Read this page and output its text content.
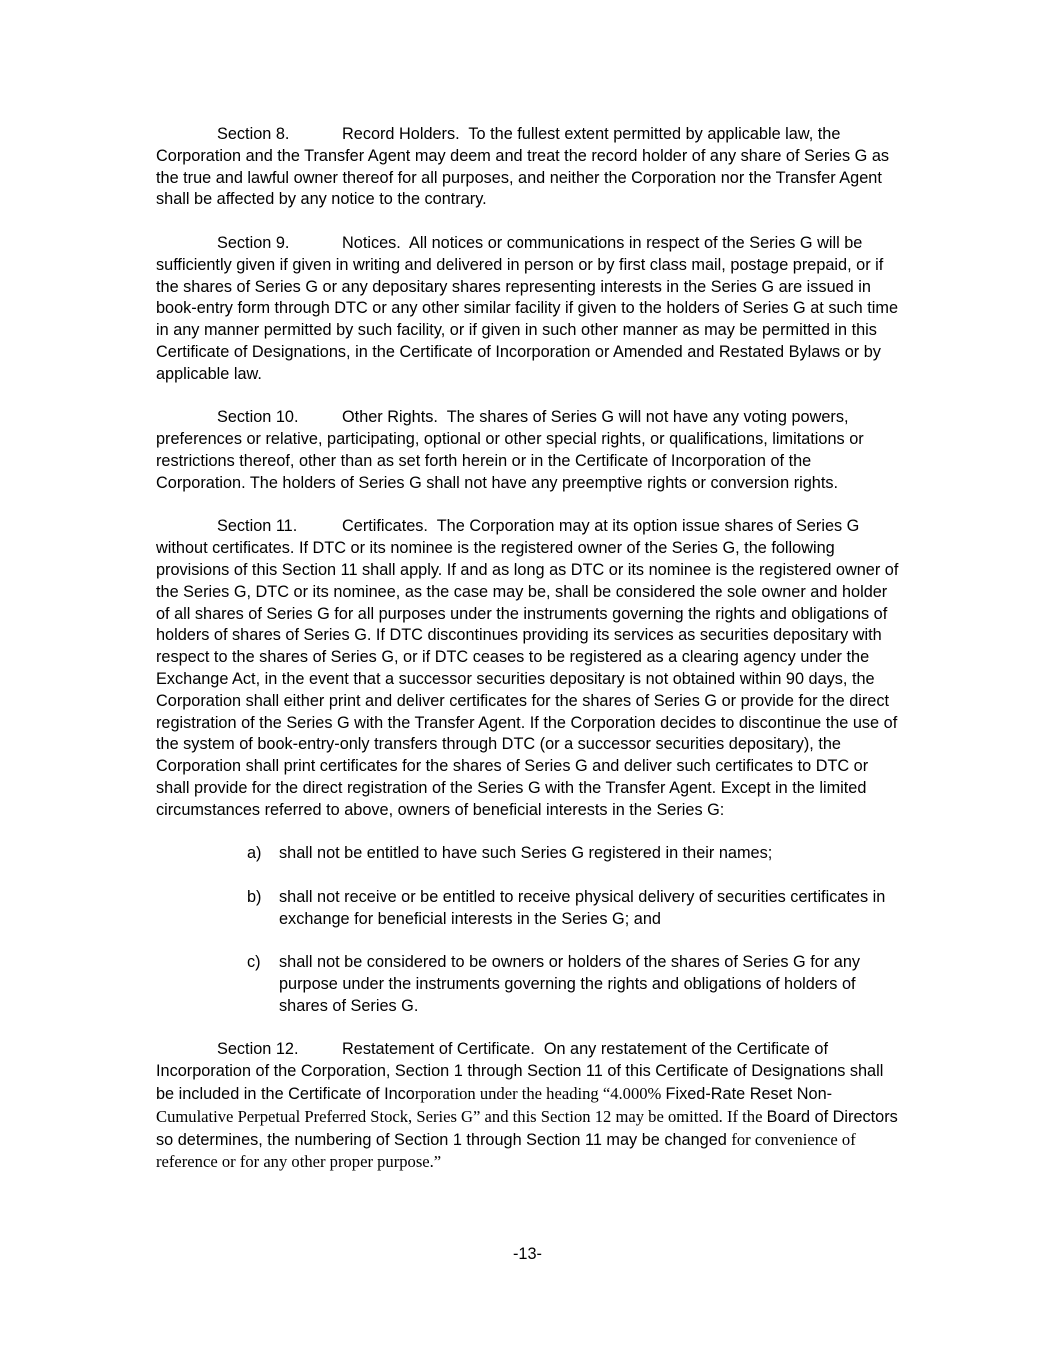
Section 8.	Record Holders. To the fullest extent permitted by applicable law, the Corporation and the Transfer Agent may deem and treat the record holder of any share of Series G as the true and lawful owner thereof for all purposes, and neither the Corporation nor the Transfer Agent shall be affected by any notice to the contrary.

Section 9.	Notices. All notices or communications in respect of the Series G will be sufficiently given if given in writing and delivered in person or by first class mail, postage prepaid, or if the shares of Series G or any depositary shares representing interests in the Series G are issued in book-entry form through DTC or any other similar facility if given to the holders of Series G at such time in any manner permitted by such facility, or if given in such other manner as may be permitted in this Certificate of Designations, in the Certificate of Incorporation or Amended and Restated Bylaws or by applicable law.

Section 10.	Other Rights. The shares of Series G will not have any voting powers, preferences or relative, participating, optional or other special rights, or qualifications, limitations or restrictions thereof, other than as set forth herein or in the Certificate of Incorporation of the Corporation. The holders of Series G shall not have any preemptive rights or conversion rights.

Section 11.	Certificates. The Corporation may at its option issue shares of Series G without certificates. If DTC or its nominee is the registered owner of the Series G, the following provisions of this Section 11 shall apply. If and as long as DTC or its nominee is the registered owner of the Series G, DTC or its nominee, as the case may be, shall be considered the sole owner and holder of all shares of Series G for all purposes under the instruments governing the rights and obligations of holders of shares of Series G. If DTC discontinues providing its services as securities depositary with respect to the shares of Series G, or if DTC ceases to be registered as a clearing agency under the Exchange Act, in the event that a successor securities depositary is not obtained within 90 days, the Corporation shall either print and deliver certificates for the shares of Series G or provide for the direct registration of the Series G with the Transfer Agent. If the Corporation decides to discontinue the use of the system of book-entry-only transfers through DTC (or a successor securities depositary), the Corporation shall print certificates for the shares of Series G and deliver such certificates to DTC or shall provide for the direct registration of the Series G with the Transfer Agent. Except in the limited circumstances referred to above, owners of beneficial interests in the Series G:

a) shall not be entitled to have such Series G registered in their names;
b) shall not receive or be entitled to receive physical delivery of securities certificates in exchange for beneficial interests in the Series G; and
c) shall not be considered to be owners or holders of the shares of Series G for any purpose under the instruments governing the rights and obligations of holders of shares of Series G.

Section 12.	Restatement of Certificate. On any restatement of the Certificate of Incorporation of the Corporation, Section 1 through Section 11 of this Certificate of Designations shall be included in the Certificate of Incorporation under the heading “4.000% Fixed-Rate Reset Non-Cumulative Perpetual Preferred Stock, Series G” and this Section 12 may be omitted. If the Board of Directors so determines, the numbering of Section 1 through Section 11 may be changed for convenience of reference or for any other proper purpose.”

-13-
